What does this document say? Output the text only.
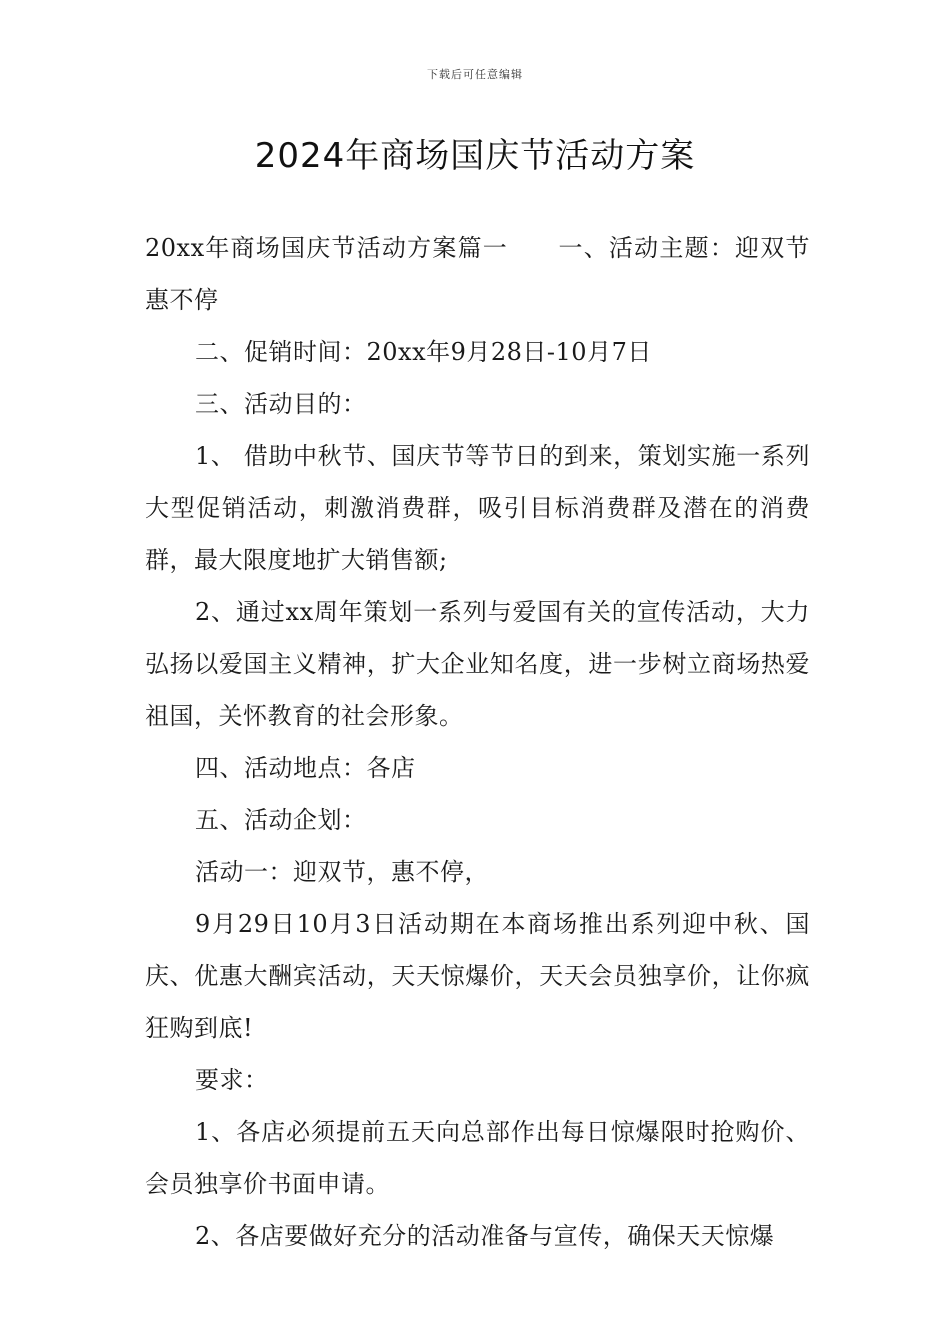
下载后可任意编辑
2024年商场国庆节活动方案

20xx年商场国庆节活动方案篇一　　一、活动主题：迎双节 惠不停

二、促销时间：20xx年9月28日-10月7日

三、活动目的：

1、 借助中秋节、国庆节等节日的到来，策划实施一系列大型促销活动，刺激消费群，吸引目标消费群及潜在的消费群，最大限度地扩大销售额;

2、通过xx周年策划一系列与爱国有关的宣传活动，大力弘扬以爱国主义精神，扩大企业知名度，进一步树立商场热爱祖国，关怀教育的社会形象。

四、活动地点：各店

五、活动企划：

活动一：迎双节，惠不停，

9月29日10月3日活动期在本商场推出系列迎中秋、国庆、优惠大酬宾活动，天天惊爆价，天天会员独享价，让你疯狂购到底!

要求：

1、各店必须提前五天向总部作出每日惊爆限时抢购价、会员独享价书面申请。

2、各店要做好充分的活动准备与宣传，确保天天惊爆
